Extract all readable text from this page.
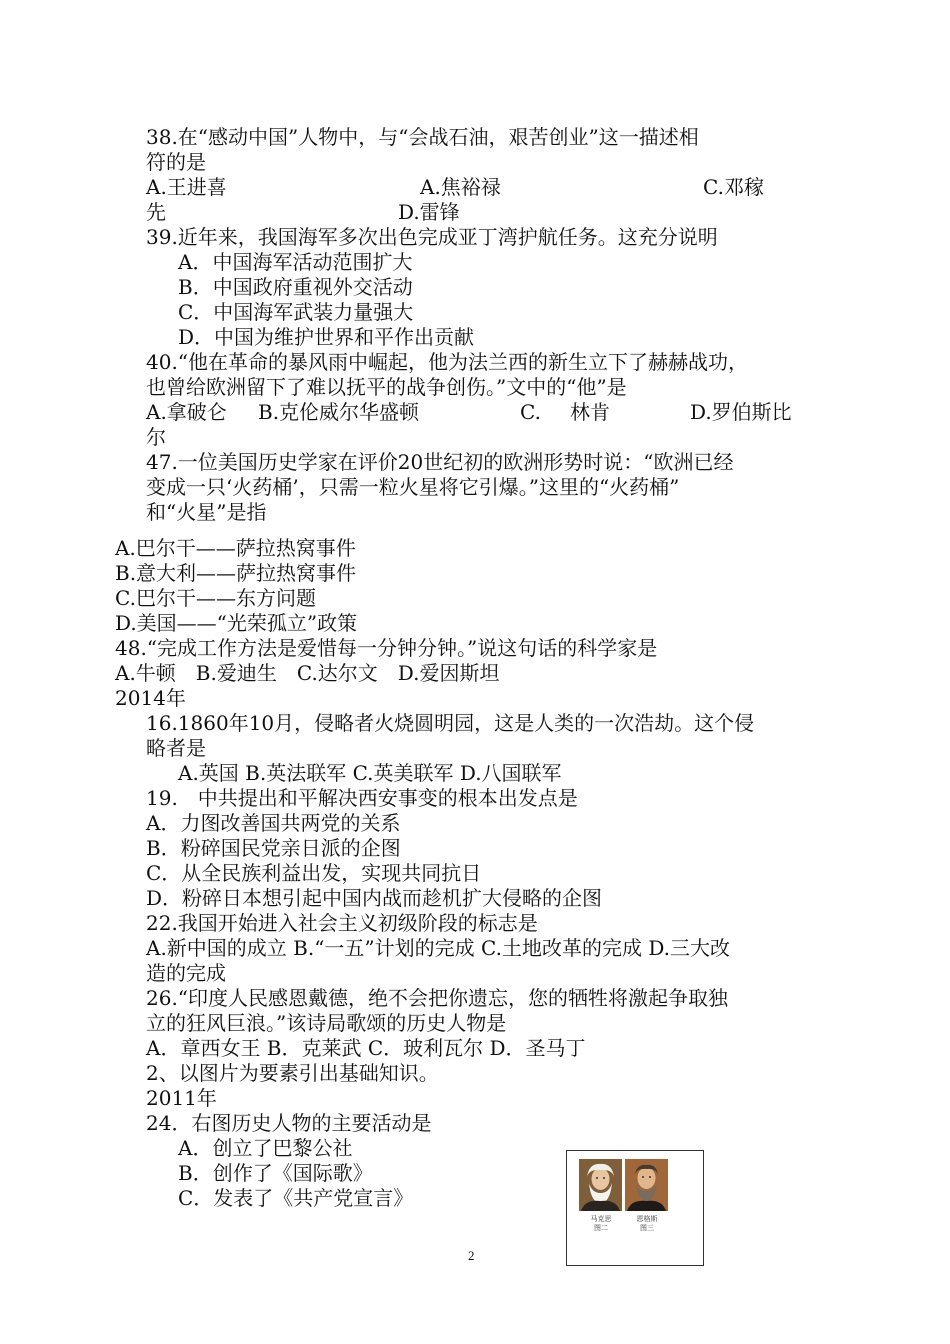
38.在“感动中国”人物中，与“会战石油，艰苦创业”这一描述相

符的是

A.王进喜	A.焦裕禄	C.邓稼

先	D.雷锋

39.近年来，我国海军多次出色完成亚丁湾护航任务。这充分说明

A．中国海军活动范围扩大

B．中国政府重视外交活动

C．中国海军武装力量强大

D．中国为维护世界和平作出贡献

40.“他在革命的暴风雨中崛起，他为法兰西的新生立下了赫赫战功，

也曾给欧洲留下了难以抚平的战争创伤。”文中的“他”是

A.拿破仑 B.克伦威尔华盛顿	C. 林肯	D.罗伯斯比

尔

47.一位美国历史学家在评价20世纪初的欧洲形势时说：“欧洲已经

变成一只‘火药桶’，只需一粒火星将它引爆。”这里的“火药桶”

和“火星”是指

A.巴尔干——萨拉热窝事件

B.意大利——萨拉热窝事件

C.巴尔干——东方问题

D.美国——“光荣孤立”政策

48.“完成工作方法是爱惜每一分钟分钟。”说这句话的科学家是

A.牛顿　B.爱迪生　C.达尔文　D.爱因斯坦

2014年

16.1860年10月，侵略者火烧圆明园，这是人类的一次浩劫。这个侵

略者是

A.英国 B.英法联军 C.英美联军 D.八国联军

19.　中共提出和平解决西安事变的根本出发点是

A．力图改善国共两党的关系

B．粉碎国民党亲日派的企图

C．从全民族利益出发，实现共同抗日

D．粉碎日本想引起中国内战而趁机扩大侵略的企图

22.我国开始进入社会主义初级阶段的标志是

A.新中国的成立 B.“一五”计划的完成 C.土地改革的完成 D.三大改

造的完成

26.“印度人民感恩戴德，绝不会把你遗忘，您的牺牲将激起争取独

立的狂风巨浪。”该诗局歌颂的历史人物是

A．章西女王 B．克莱武 C．玻利瓦尔 D．圣马丁

2、以图片为要素引出基础知识。

2011年

24．右图历史人物的主要活动是

A．创立了巴黎公社

B．创作了《国际歌》

C．发表了《共产党宣言》

马克思
图二
恩格斯
图三
2
